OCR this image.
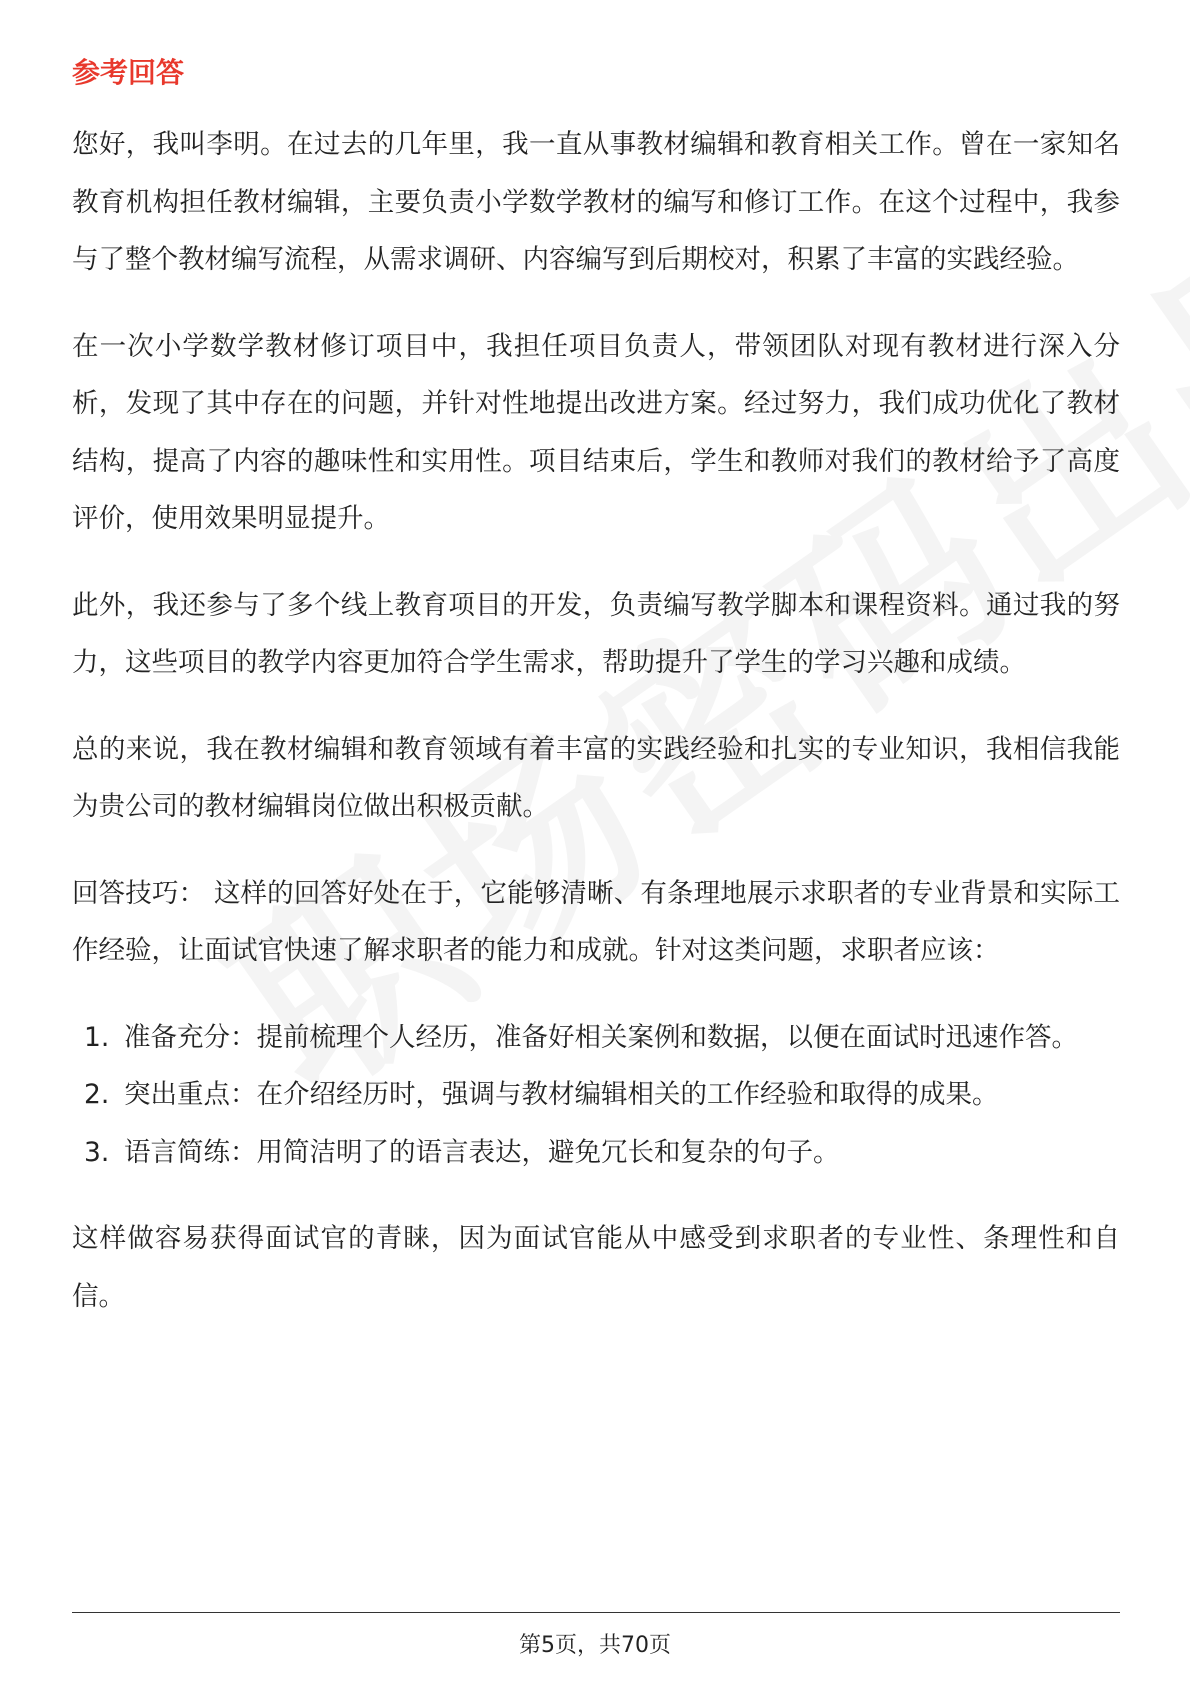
参考回答

您好，我叫李明。在过去的几年里，我一直从事教材编辑和教育相关工作。曾在一家知名教育机构担任教材编辑，主要负责小学数学教材的编写和修订工作。在这个过程中，我参与了整个教材编写流程，从需求调研、内容编写到后期校对，积累了丰富的实践经验。

在一次小学数学教材修订项目中，我担任项目负责人，带领团队对现有教材进行深入分析，发现了其中存在的问题，并针对性地提出改进方案。经过努力，我们成功优化了教材结构，提高了内容的趣味性和实用性。项目结束后，学生和教师对我们的教材给予了高度评价，使用效果明显提升。

此外，我还参与了多个线上教育项目的开发，负责编写教学脚本和课程资料。通过我的努力，这些项目的教学内容更加符合学生需求，帮助提升了学生的学习兴趣和成绩。

总的来说，我在教材编辑和教育领域有着丰富的实践经验和扎实的专业知识，我相信我能为贵公司的教材编辑岗位做出积极贡献。

回答技巧： 这样的回答好处在于，它能够清晰、有条理地展示求职者的专业背景和实际工作经验，让面试官快速了解求职者的能力和成就。针对这类问题，求职者应该：

1. 准备充分：提前梳理个人经历，准备好相关案例和数据，以便在面试时迅速作答。
2. 突出重点：在介绍经历时，强调与教材编辑相关的工作经验和取得的成果。
3. 语言简练：用简洁明了的语言表达，避免冗长和复杂的句子。

这样做容易获得面试官的青睐，因为面试官能从中感受到求职者的专业性、条理性和自信。

第5页，共70页
